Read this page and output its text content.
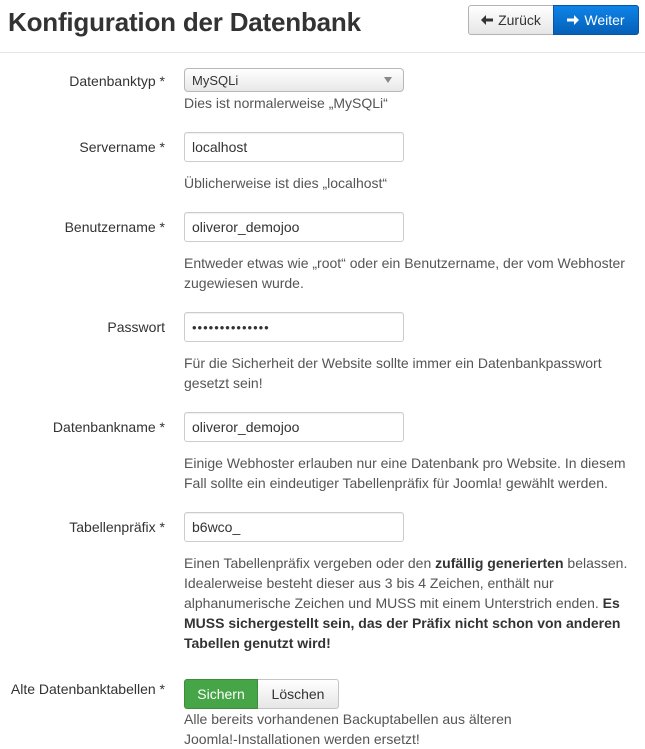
Konfiguration der Datenbank	Zurück	Weiter
Datenbanktyp * MySQLi
Dies ist normalerweise „MySQLi“
Servername * localhost
Üblicherweise ist dies „localhost“
Benutzername * oliveror_demojoo
Entweder etwas wie „root“ oder ein Benutzername, der vom Webhoster zugewiesen wurde.
Passwort ••••••••••••••
Für die Sicherheit der Website sollte immer ein Datenbankpasswort gesetzt sein!
Datenbankname * oliveror_demojoo
Einige Webhoster erlauben nur eine Datenbank pro Website. In diesem Fall sollte ein eindeutiger Tabellenpräfix für Joomla! gewählt werden.
Tabellenpräfix * b6wco_
Einen Tabellenpräfix vergeben oder den zufällig generierten belassen. Idealerweise besteht dieser aus 3 bis 4 Zeichen, enthält nur alphanumerische Zeichen und MUSS mit einem Unterstrich enden. Es MUSS sichergestellt sein, das der Präfix nicht schon von anderen Tabellen genutzt wird!
Alte Datenbanktabellen *	Sichern	Löschen
Alle bereits vorhandenen Backuptabellen aus älteren Joomla!-Installationen werden ersetzt!
